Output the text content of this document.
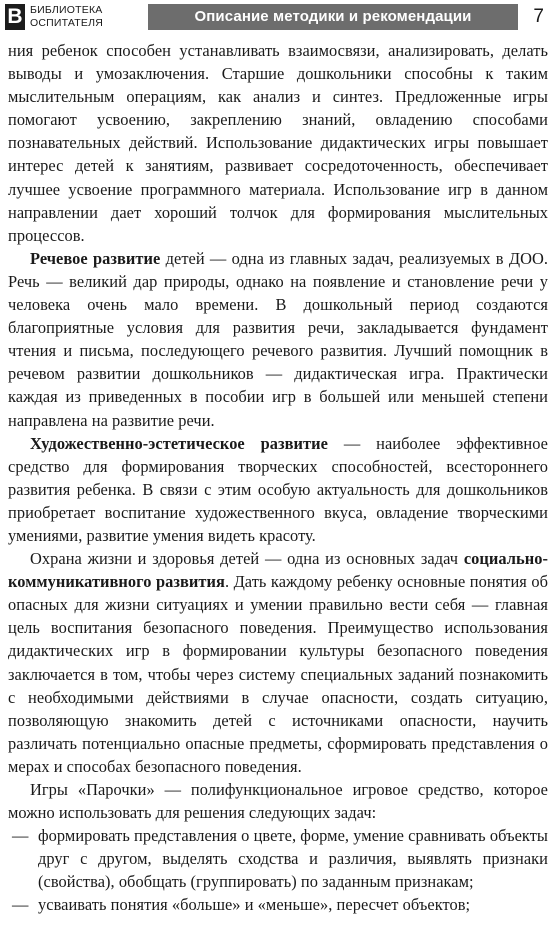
В БИБЛИОТЕКА
ОСПИТАТЕЛЯ	Описание методики и рекомендации	7

ния ребенок способен устанавливать взаимосвязи, анализировать, делать выводы и умозаключения. Старшие дошкольники способны к таким мыслительным операциям, как анализ и синтез. Предложенные игры помогают усвоению, закреплению знаний, овладению способами познавательных действий. Использование дидактических игры повышает интерес детей к занятиям, развивает сосредоточенность, обеспечивает лучшее усвоение программного материала. Использование игр в данном направлении дает хороший толчок для формирования мыслительных процессов.

Речевое развитие детей — одна из главных задач, реализуемых в ДОО. Речь — великий дар природы, однако на появление и становление речи у человека очень мало времени. В дошкольный период создаются благоприятные условия для развития речи, закладывается фундамент чтения и письма, последующего речевого развития. Лучший помощник в речевом развитии дошкольников — дидактическая игра. Практически каждая из приведенных в пособии игр в большей или меньшей степени направлена на развитие речи.

Художественно-эстетическое развитие — наиболее эффективное средство для формирования творческих способностей, всестороннего развития ребенка. В связи с этим особую актуальность для дошкольников приобретает воспитание художественного вкуса, овладение творческими умениями, развитие умения видеть красоту.

Охрана жизни и здоровья детей — одна из основных задач социально-коммуникативного развития. Дать каждому ребенку основные понятия об опасных для жизни ситуациях и умении правильно вести себя — главная цель воспитания безопасного поведения. Преимущество использования дидактических игр в формировании культуры безопасного поведения заключается в том, чтобы через систему специальных заданий познакомить с необходимыми действиями в случае опасности, создать ситуацию, позволяющую знакомить детей с источниками опасности, научить различать потенциально опасные предметы, сформировать представления о мерах и способах безопасного поведения.

Игры «Парочки» — полифункциональное игровое средство, которое можно использовать для решения следующих задач:

— формировать представления о цвете, форме, умение сравнивать объекты друг с другом, выделять сходства и различия, выявлять признаки (свойства), обобщать (группировать) по заданным признакам;
— усваивать понятия «больше» и «меньше», пересчет объектов;
